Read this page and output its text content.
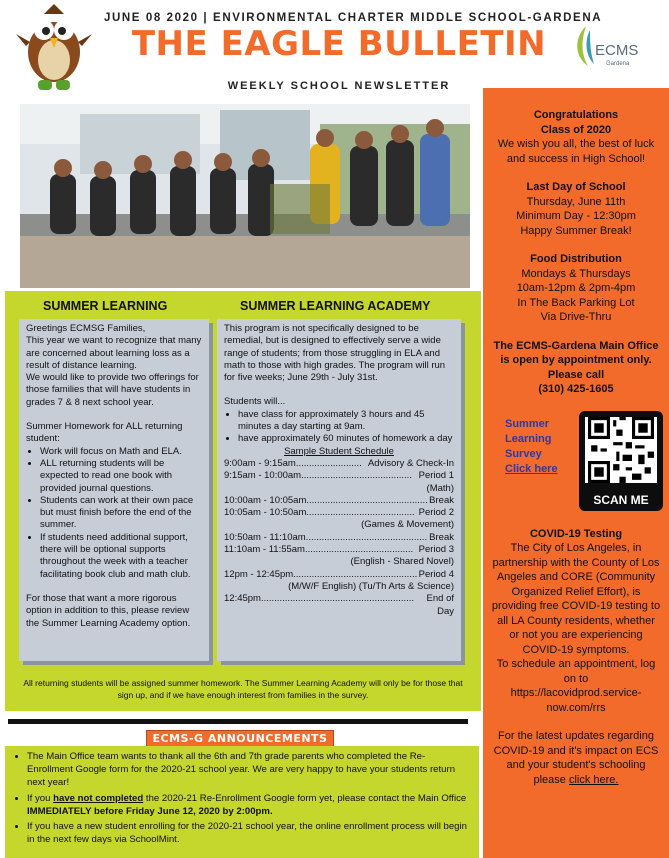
JUNE 08 2020 | ENVIRONMENTAL CHARTER MIDDLE SCHOOL-GARDENA
THE EAGLE BULLETIN
WEEKLY SCHOOL NEWSLETTER
ECMS
Gardena

Congratulations
Class of 2020
We wish you all, the best of luck and success in High School!

Last Day of School
Thursday, June 11th
Minimum Day - 12:30pm
Happy Summer Break!

Food Distribution
Mondays & Thursdays
10am-12pm & 2pm-4pm
In The Back Parking Lot
Via Drive-Thru

The ECMS-Gardena Main Office is open by appointment only. Please call
(310) 425-1605

Summer
Learning
Survey
Click here
SCAN ME

COVID-19 Testing
The City of Los Angeles, in partnership with the County of Los Angeles and CORE (Community Organized Relief Effort), is providing free COVID-19 testing to all LA County residents, whether or not you are experiencing COVID-19 symptoms.
To schedule an appointment, log on to
https://lacovidprod.service-now.com/rrs

For the latest updates regarding COVID-19 and it's impact on ECS and your student's schooling please click here.

SUMMER LEARNING	SUMMER LEARNING ACADEMY

Greetings ECMSG Families,

This year we want to recognize that many are concerned about learning loss as a result of distance learning.

We would like to provide two offerings for those families that will have students in grades 7 & 8 next school year.

Summer Homework for ALL returning student:

• Work will focus on Math and ELA.
• ALL returning students will be expected to read one book with provided journal questions.
• Students can work at their own pace but must finish before the end of the summer.
• If students need additional support, there will be optional supports throughout the week with a teacher facilitating book club and math club.

For those that want a more rigorous option in addition to this, please review the Summer Learning Academy option.

This program is not specifically designed to be remedial, but is designed to effectively serve a wide range of students; from those struggling in ELA and math to those with high grades. The program will run for five weeks; June 29th - July 31st.

Students will...

• have class for approximately 3 hours and 45 minutes a day starting at 9am.
• have approximately 60 minutes of homework a day

Sample Student Schedule

9:00am - 9:15am......................... Advisory & Check-In
9:15am - 10:00am.......................................... Period 1
(Math)
10:00am - 10:05am.............................................. Break
10:05am - 10:50am......................................... Period 2
(Games & Movement)
10:50am - 11:10am.............................................. Break
11:10am - 11:55am......................................... Period 3
(English - Shared Novel)
12pm - 12:45pm............................................... Period 4
(M/W/F English) (Tu/Th Arts & Science)
12:45pm..........................................................	End of Day
All returning students will be assigned summer homework. The Summer Learning Academy will only be for those that sign up, and if we have enough interest from families in the survey.
ECMS-G ANNOUNCEMENTS
• The Main Office team wants to thank all the 6th and 7th grade parents who completed the Re-Enrollment Google form for the 2020-21 school year. We are very happy to have your students return next year!
• If you have not completed the 2020-21 Re-Enrollment Google form yet, please contact the Main Office IMMEDIATELY before Friday June 12, 2020 by 2:00pm.
• If you have a new student enrolling for the 2020-21 school year, the online enrollment process will begin in the next few days via SchoolMint.
